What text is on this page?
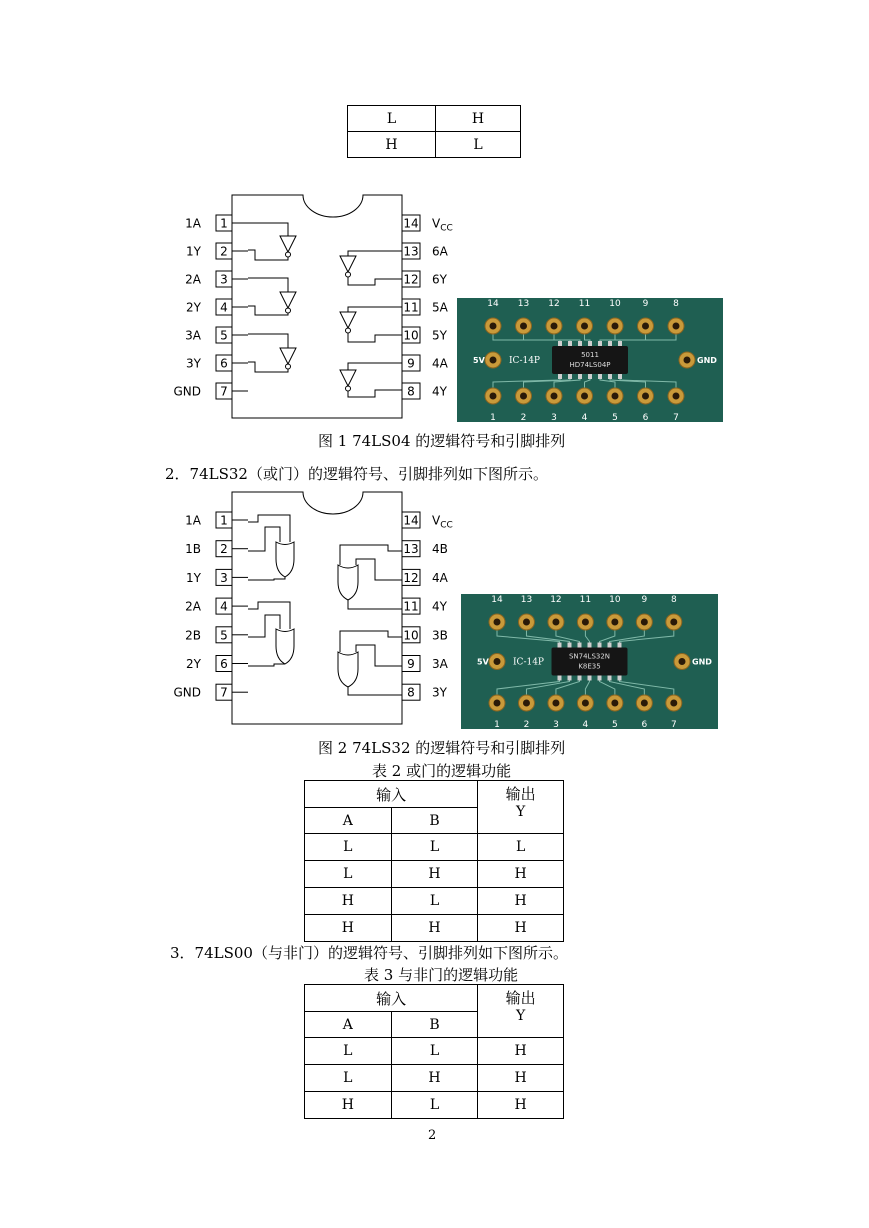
L	H
H	L
1
1A
2
1Y
3
2A
4
2Y
5
3A
6
3Y
7
GND
14 $V_{CC}$
13 6A
12 6Y
11 5A
10 5Y
9 4A
8 4Y
14 13 12 11 10 9	8
1	2	3	4	5	6	7
5V	IC-14P	GND
5011
HD74LS04P
图 1 74LS04 的逻辑符号和引脚排列
2．74LS32（或门）的逻辑符号、引脚排列如下图所示。
1
1A
2
1B
3
1Y
4
2A
5
2B
6
2Y
7
GND
14 $V_{CC}$
13 4B
12 4A
11 4Y
10 3B
9 3A
8 3Y
14 13 12 11 10 9	8
1	2	3	4	5	6	7
5V	IC-14P	GND
SN74LS32N
K8E35
图 2 74LS32 的逻辑符号和引脚排列
表 2 或门的逻辑功能
输入		输出
Y

A	B	
L	L	L
L	H	H
H	L	H
H	H	H
3．74LS00（与非门）的逻辑符号、引脚排列如下图所示。
表 3 与非门的逻辑功能
输入		输出
Y

A	B	
L	L	H
L	H	H
H	L	H
2
